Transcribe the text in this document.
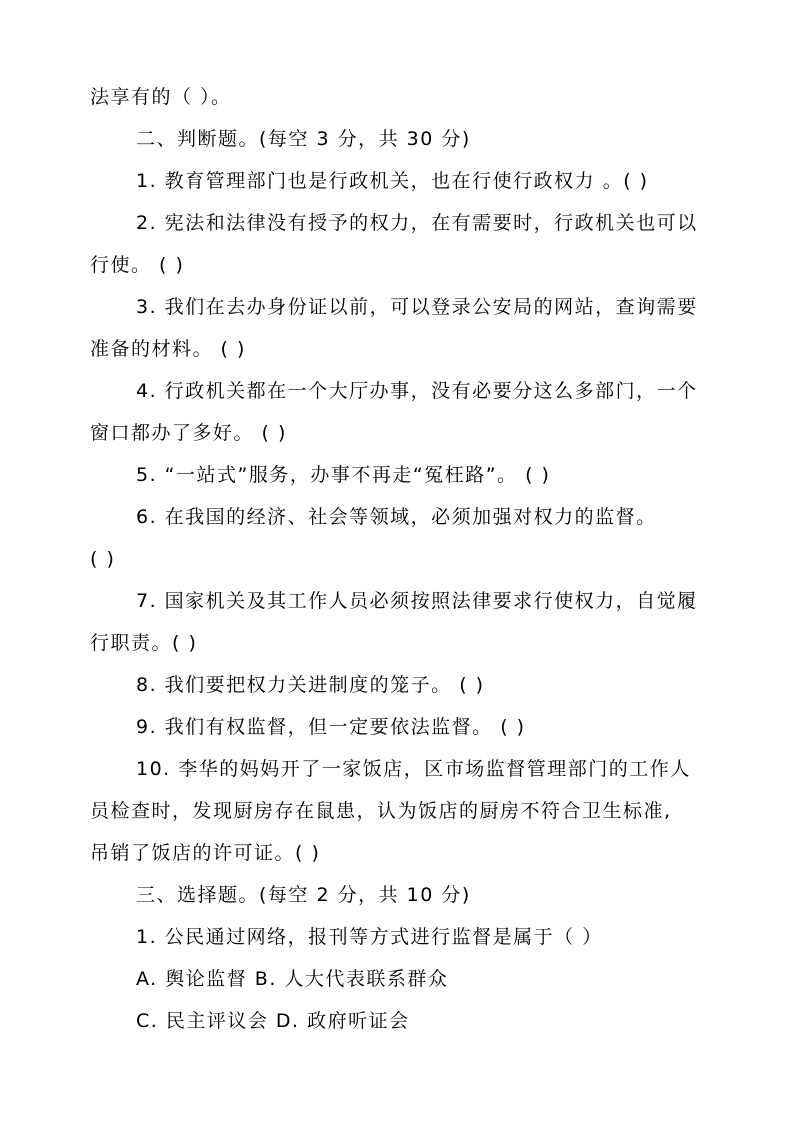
法享有的（ ）。
二、判断题。(每空 3 分，共 30 分)
1. 教育管理部门也是行政机关，也在行使行政权力 。( )
2. 宪法和法律没有授予的权力，在有需要时，行政机关也可以
行使。 ( )
3. 我们在去办身份证以前，可以登录公安局的网站，查询需要
准备的材料。 ( )
4. 行政机关都在一个大厅办事，没有必要分这么多部门，一个
窗口都办了多好。 ( )
5. “一站式”服务，办事不再走“冤枉路”。 ( )
6. 在我国的经济、社会等领域，必须加强对权力的监督。
( )
7. 国家机关及其工作人员必须按照法律要求行使权力，自觉履
行职责。( )
8. 我们要把权力关进制度的笼子。 ( )
9. 我们有权监督，但一定要依法监督。 ( )
10. 李华的妈妈开了一家饭店，区市场监督管理部门的工作人
员检查时，发现厨房存在鼠患，认为饭店的厨房不符合卫生标准,
吊销了饭店的许可证。( )
三、选择题。(每空 2 分，共 10 分)
1. 公民通过网络，报刊等方式进行监督是属于（ ）
A. 舆论监督 B. 人大代表联系群众
C. 民主评议会 D. 政府听证会
